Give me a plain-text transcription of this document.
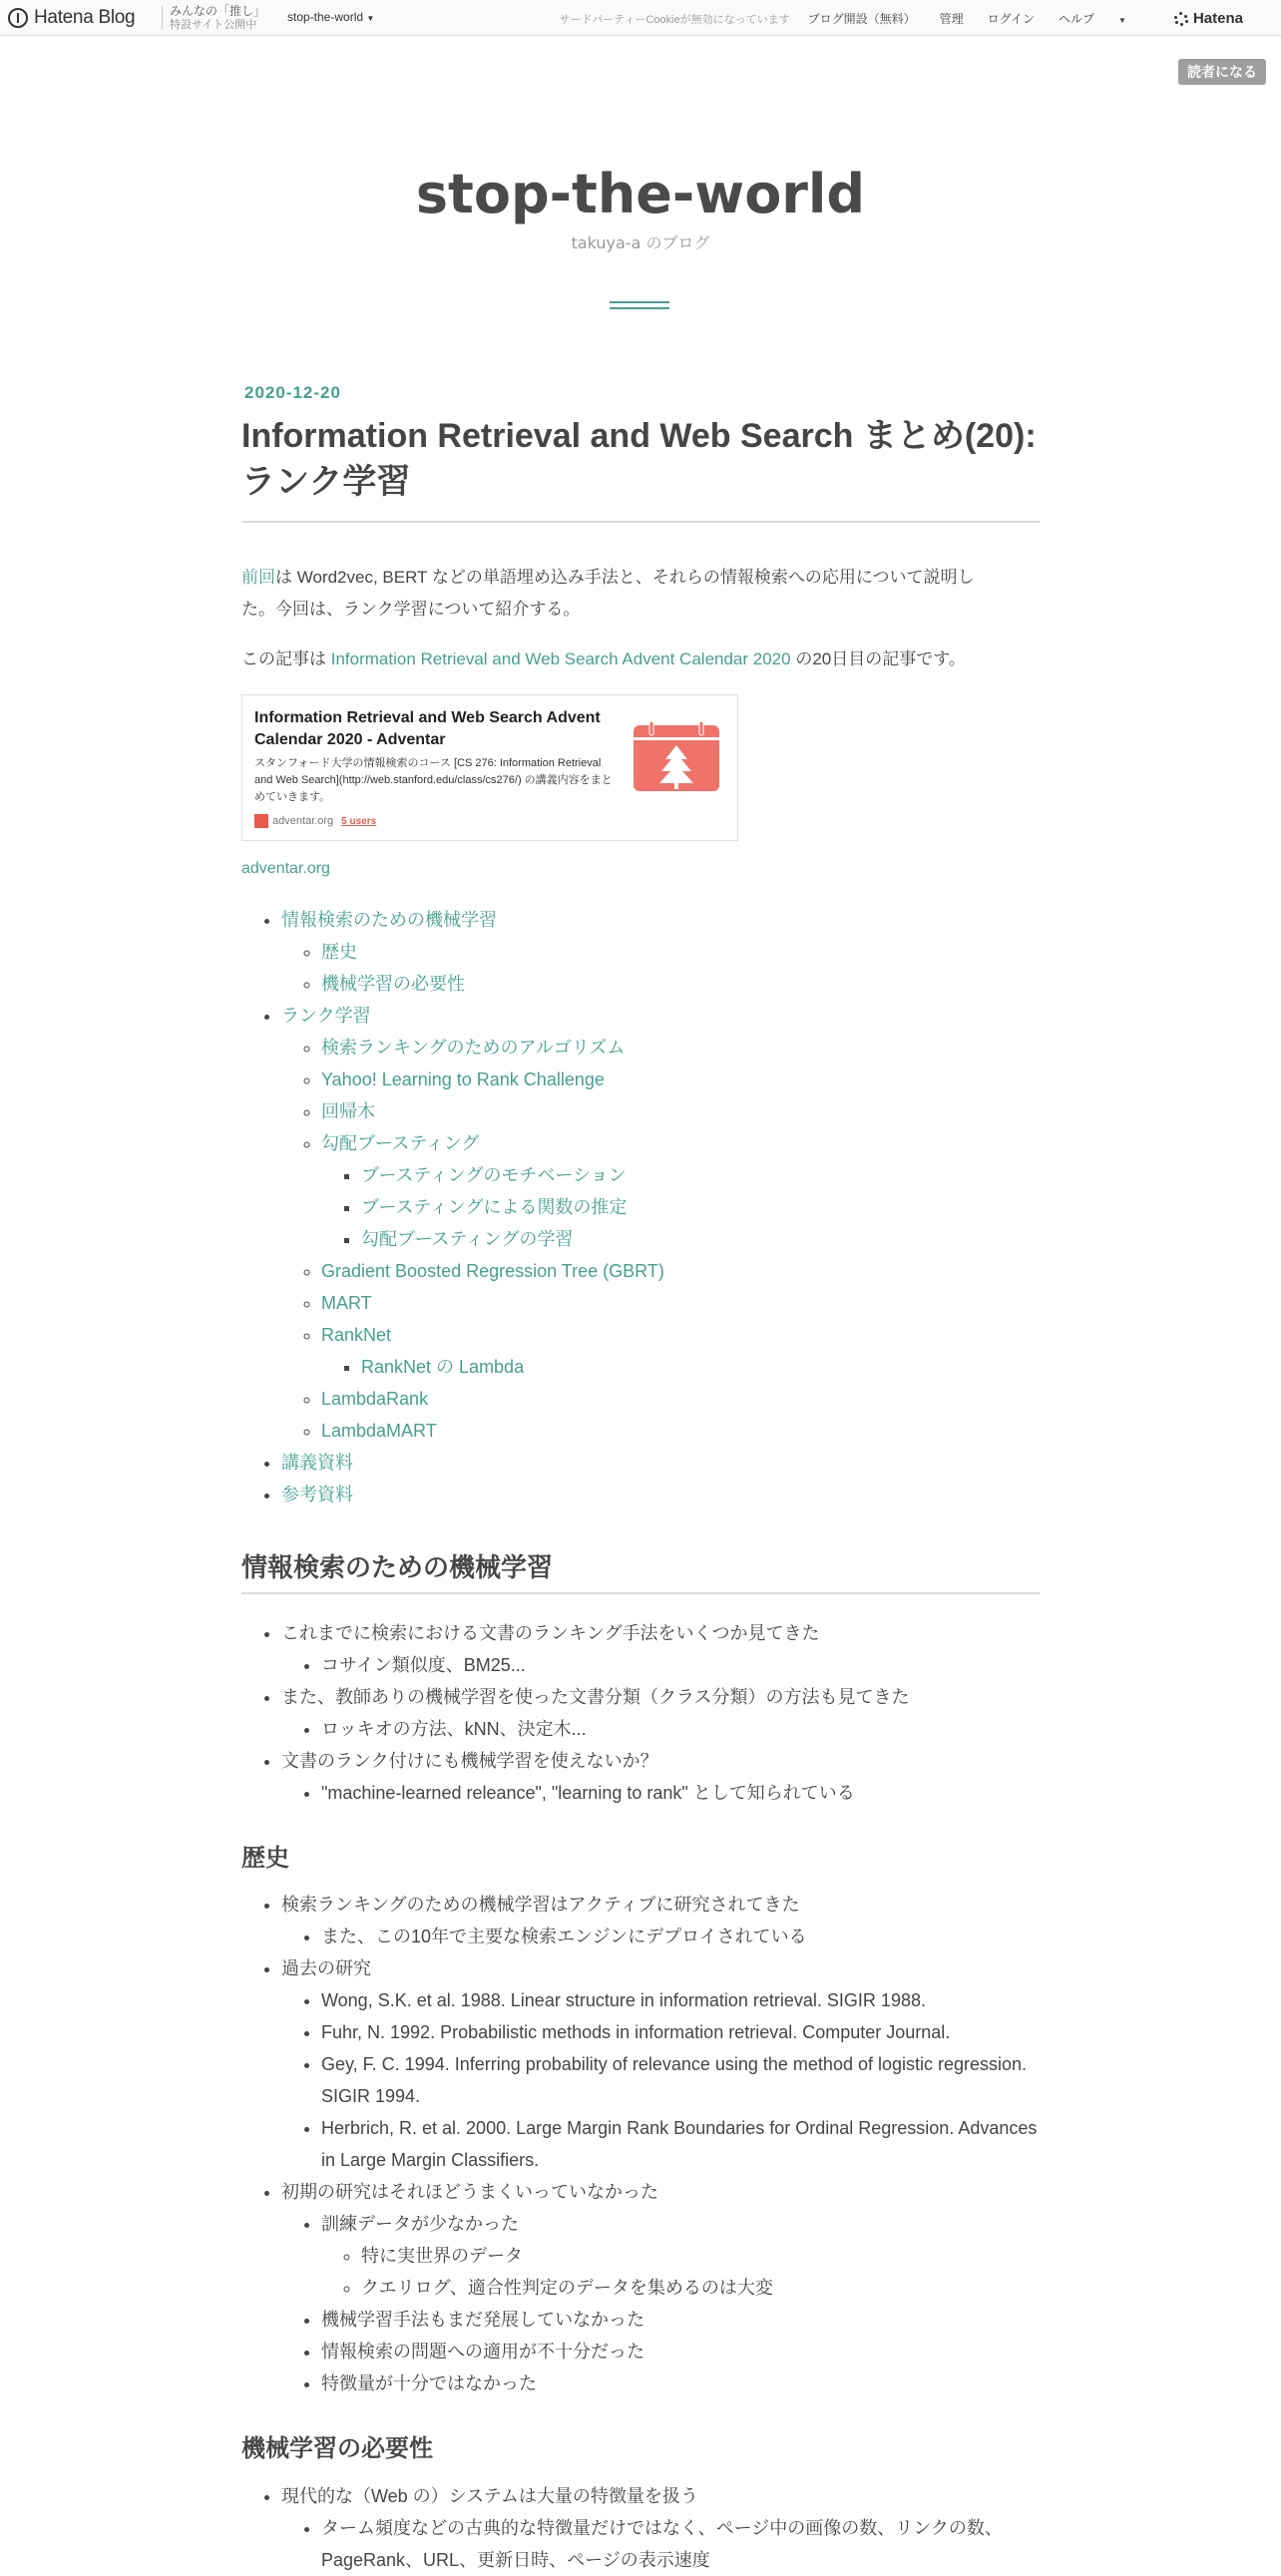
Hatena Blog	みんなの「推し」
特設サイト公開中
stop-the-world ▼	サードパーティーCookieが無効になっています ブログ開設（無料） 管理 ログイン ヘルプ	▼	Hatena
読者になる
stop-the-world
takuya-a のブログ
2020-12-20
Information Retrieval and Web Search まとめ(20):
ランク学習
前回は Word2vec, BERT などの単語埋め込み手法と、それらの情報検索への応用について説明し
た。今回は、ランク学習について紹介する。
この記事は Information Retrieval and Web Search Advent Calendar 2020 の20日目の記事です。
Information Retrieval and Web Search Advent Calendar 2020 - Adventar
スタンフォード大学の情報検索のコース [CS 276: Information Retrieval and Web Search](http://web.stanford.edu/class/cs276/) の講義内容をまとめていきます。
adventar.org 5 users
adventar.org
• 情報検索のための機械学習
◦ 歴史
◦ 機械学習の必要性
• ランク学習
◦ 検索ランキングのためのアルゴリズム
◦ Yahoo! Learning to Rank Challenge
◦ 回帰木
◦ 勾配ブースティング
▪ ブースティングのモチベーション
▪ ブースティングによる関数の推定
▪ 勾配ブースティングの学習
◦ Gradient Boosted Regression Tree (GBRT)
◦ MART
◦ RankNet
▪ RankNet の Lambda
◦ LambdaRank
◦ LambdaMART
• 講義資料
• 参考資料
情報検索のための機械学習
• これまでに検索における文書のランキング手法をいくつか見てきた
• コサイン類似度、BM25...
• また、教師ありの機械学習を使った文書分類（クラス分類）の方法も見てきた
• ロッキオの方法、kNN、決定木...
• 文書のランク付けにも機械学習を使えないか？
• "machine-learned releance", "learning to rank" として知られている
歴史
• 検索ランキングのための機械学習はアクティブに研究されてきた
• また、この10年で主要な検索エンジンにデプロイされている
• 過去の研究
• Wong, S.K. et al. 1988. Linear structure in information retrieval. SIGIR 1988.
• Fuhr, N. 1992. Probabilistic methods in information retrieval. Computer Journal.
• Gey, F. C. 1994. Inferring probability of relevance using the method of logistic regression. SIGIR 1994.
• Herbrich, R. et al. 2000. Large Margin Rank Boundaries for Ordinal Regression. Advances in Large Margin Classifiers.
• 初期の研究はそれほどうまくいっていなかった
• 訓練データが少なかった
◦ 特に実世界のデータ
◦ クエリログ、適合性判定のデータを集めるのは大変
• 機械学習手法もまだ発展していなかった
• 情報検索の問題への適用が不十分だった
• 特徴量が十分ではなかった
機械学習の必要性
• 現代的な（Web の）システムは大量の特徴量を扱う
• ターム頻度などの古典的な特徴量だけではなく、ページ中の画像の数、リンクの数、PageRank、URL、更新日時、ページの表示速度
